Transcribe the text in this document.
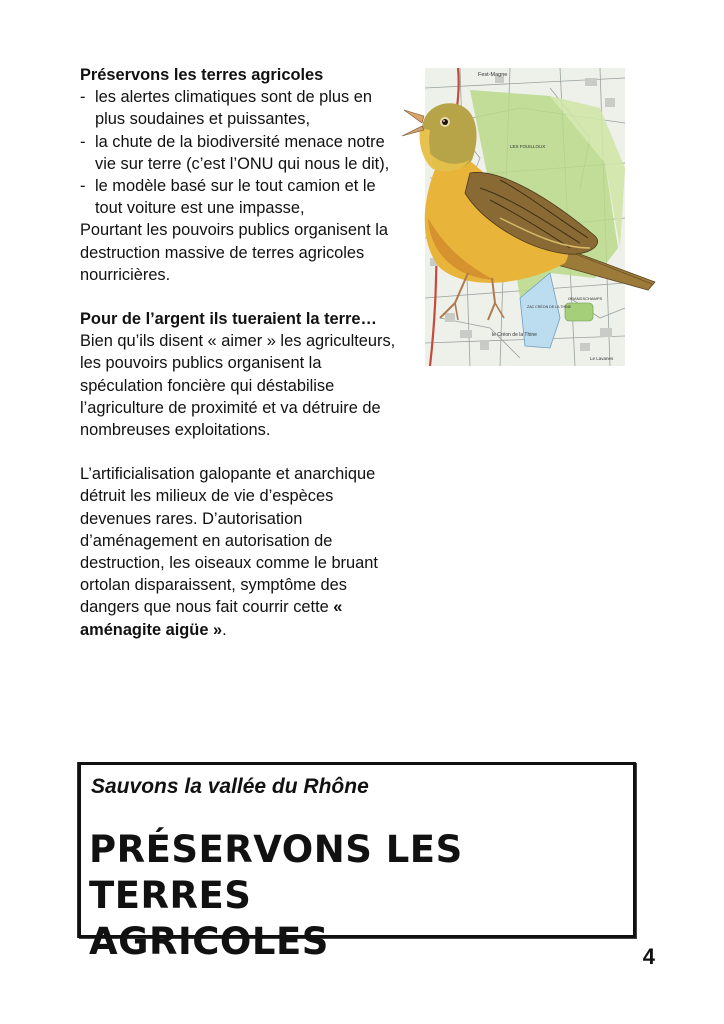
Préservons les terres agricoles

- les alertes climatiques sont de plus en plus soudaines et puissantes,
- la chute de la biodiversité menace notre vie sur terre (c’est l’ONU qui nous le dit),
- le modèle basé sur le tout camion et le tout voiture est une impasse,

Pourtant les pouvoirs publics organisent la destruction massive de terres agricoles nourricières.

Pour de l’argent ils tueraient la terre…

Bien qu’ils disent « aimer » les agriculteurs, les pouvoirs publics organisent la spéculation foncière qui déstabilise l’agriculture de proximité et va détruire de nombreuses exploitations.

L’artificialisation galopante et anarchique détruit les milieux de vie d’espèces devenues rares. D’autorisation d’aménagement en autorisation de destruction, les oiseaux comme le bruant ortolan disparaissent, symptôme des dangers que nous fait courrir cette « aménagite aigüe ».

Fest-Magne
LES FOUILLOUX
ZAC CRÉON DE LA THINE
le Créon de la Thine
GRANDSCHAMPS
Le Lavanes
Sauvons la vallée du Rhône
PRÉSERVONS LES TERRES
AGRICOLES	4
